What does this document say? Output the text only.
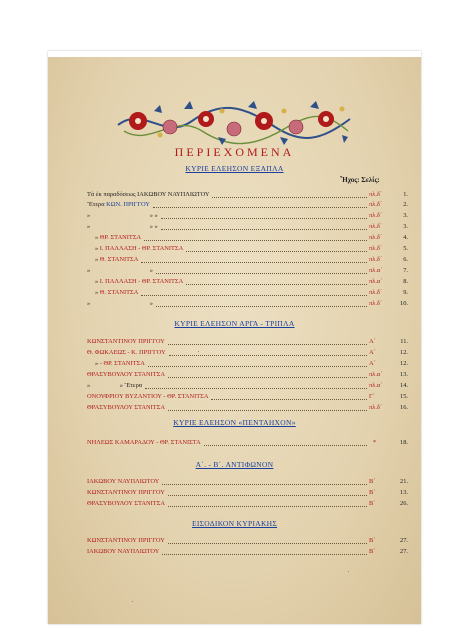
ΠΕΡΙΕΧΟΜΕΝΑ
Ἦχος: Σελίς:
ΚΥΡΙΕ ΕΛΕΗΣΟΝ ΕΞΑΠΛΑ
Τὰ ἐκ παραδόσεως ΙΑΚΩΒΟΥ ΝΑΥΠΛΙΩΤΟΥ	πλ.δ΄	1.
Ἕτερα ΚΩΝ. ΠΡΙΓΓΟΥ	πλ.δ΄	2.
»	» »	πλ.δ΄	3.
»	» »	πλ.δ΄	3.
» ΘΡ. ΣΤΑΝΙΤΣΑ	πλ.δ΄	4.
» Ι. ΠΑΛΛΑΣΗ - ΘΡ. ΣΤΑΝΙΤΣΑ	πλ.δ΄	5.
» Θ. ΣΤΑΝΙΤΣΑ	πλ.δ΄	6.
»	»	πλ.α΄	7.
» Ι. ΠΑΛΛΑΣΗ - ΘΡ. ΣΤΑΝΙΤΣΑ	πλ.α΄	8.
» Θ. ΣΤΑΝΙΤΣΑ	πλ.δ΄	9.
»	»	πλ.δ΄	10.
ΚΥΡΙΕ ΕΛΕΗΣΟΝ ΑΡΓΑ - ΤΡΙΠΛΑ
ΚΩΝΣΤΑΝΤΙΝΟΥ ΠΡΙΓΓΟΥ	Α΄	11.
Θ. ΦΩΚΑΕΩΣ - Κ. ΠΡΙΓΓΟΥ	Α΄	12.
» - ΘΡ. ΣΤΑΝΙΤΣΑ	Α΄	12.
ΘΡΑΣΥΒΟΥΛΟΥ ΣΤΑΝΙΤΣΑ	πλ.α΄	13.
»	» Ἕτερα	πλ.α΄	14.
ΟΝΟΥΦΡΙΟΥ ΒΥΖΑΝΤΙΟΥ - ΘΡ. ΣΤΑΝΙΤΣΑ	Γ΄	15.
ΘΡΑΣΥΒΟΥΛΟΥ ΣΤΑΝΙΤΣΑ	πλ.δ΄	16.
ΚΥΡΙΕ ΕΛΕΗΣΟΝ «ΠΕΝΤΑΗΧΟΝ»
ΝΗΛΕΩΣ ΚΑΜΑΡΑΔΟΥ - ΘΡ. ΣΤΑΝΙΣΤΑ	*	18.
Α΄. - Β΄. ΑΝΤΙΦΩΝΟΝ
ΙΑΚΩΒΟΥ ΝΑΥΠΛΙΩΤΟΥ	Β΄	21.
ΚΩΝΣΤΑΝΤΙΝΟΥ ΠΡΙΓΓΟΥ	Β΄	13.
ΘΡΑΣΥΒΟΥΛΟΥ ΣΤΑΝΙΤΣΑ	Β΄	26.
ΕΙΣΟΔΙΚΟΝ ΚΥΡΙΑΚΗΣ
ΚΩΝΣΤΑΝΤΙΝΟΥ ΠΡΙΓΓΟΥ	Β΄	27.
ΙΑΚΩΒΟΥ ΝΑΥΠΛΙΩΤΟΥ	Β΄	27.
